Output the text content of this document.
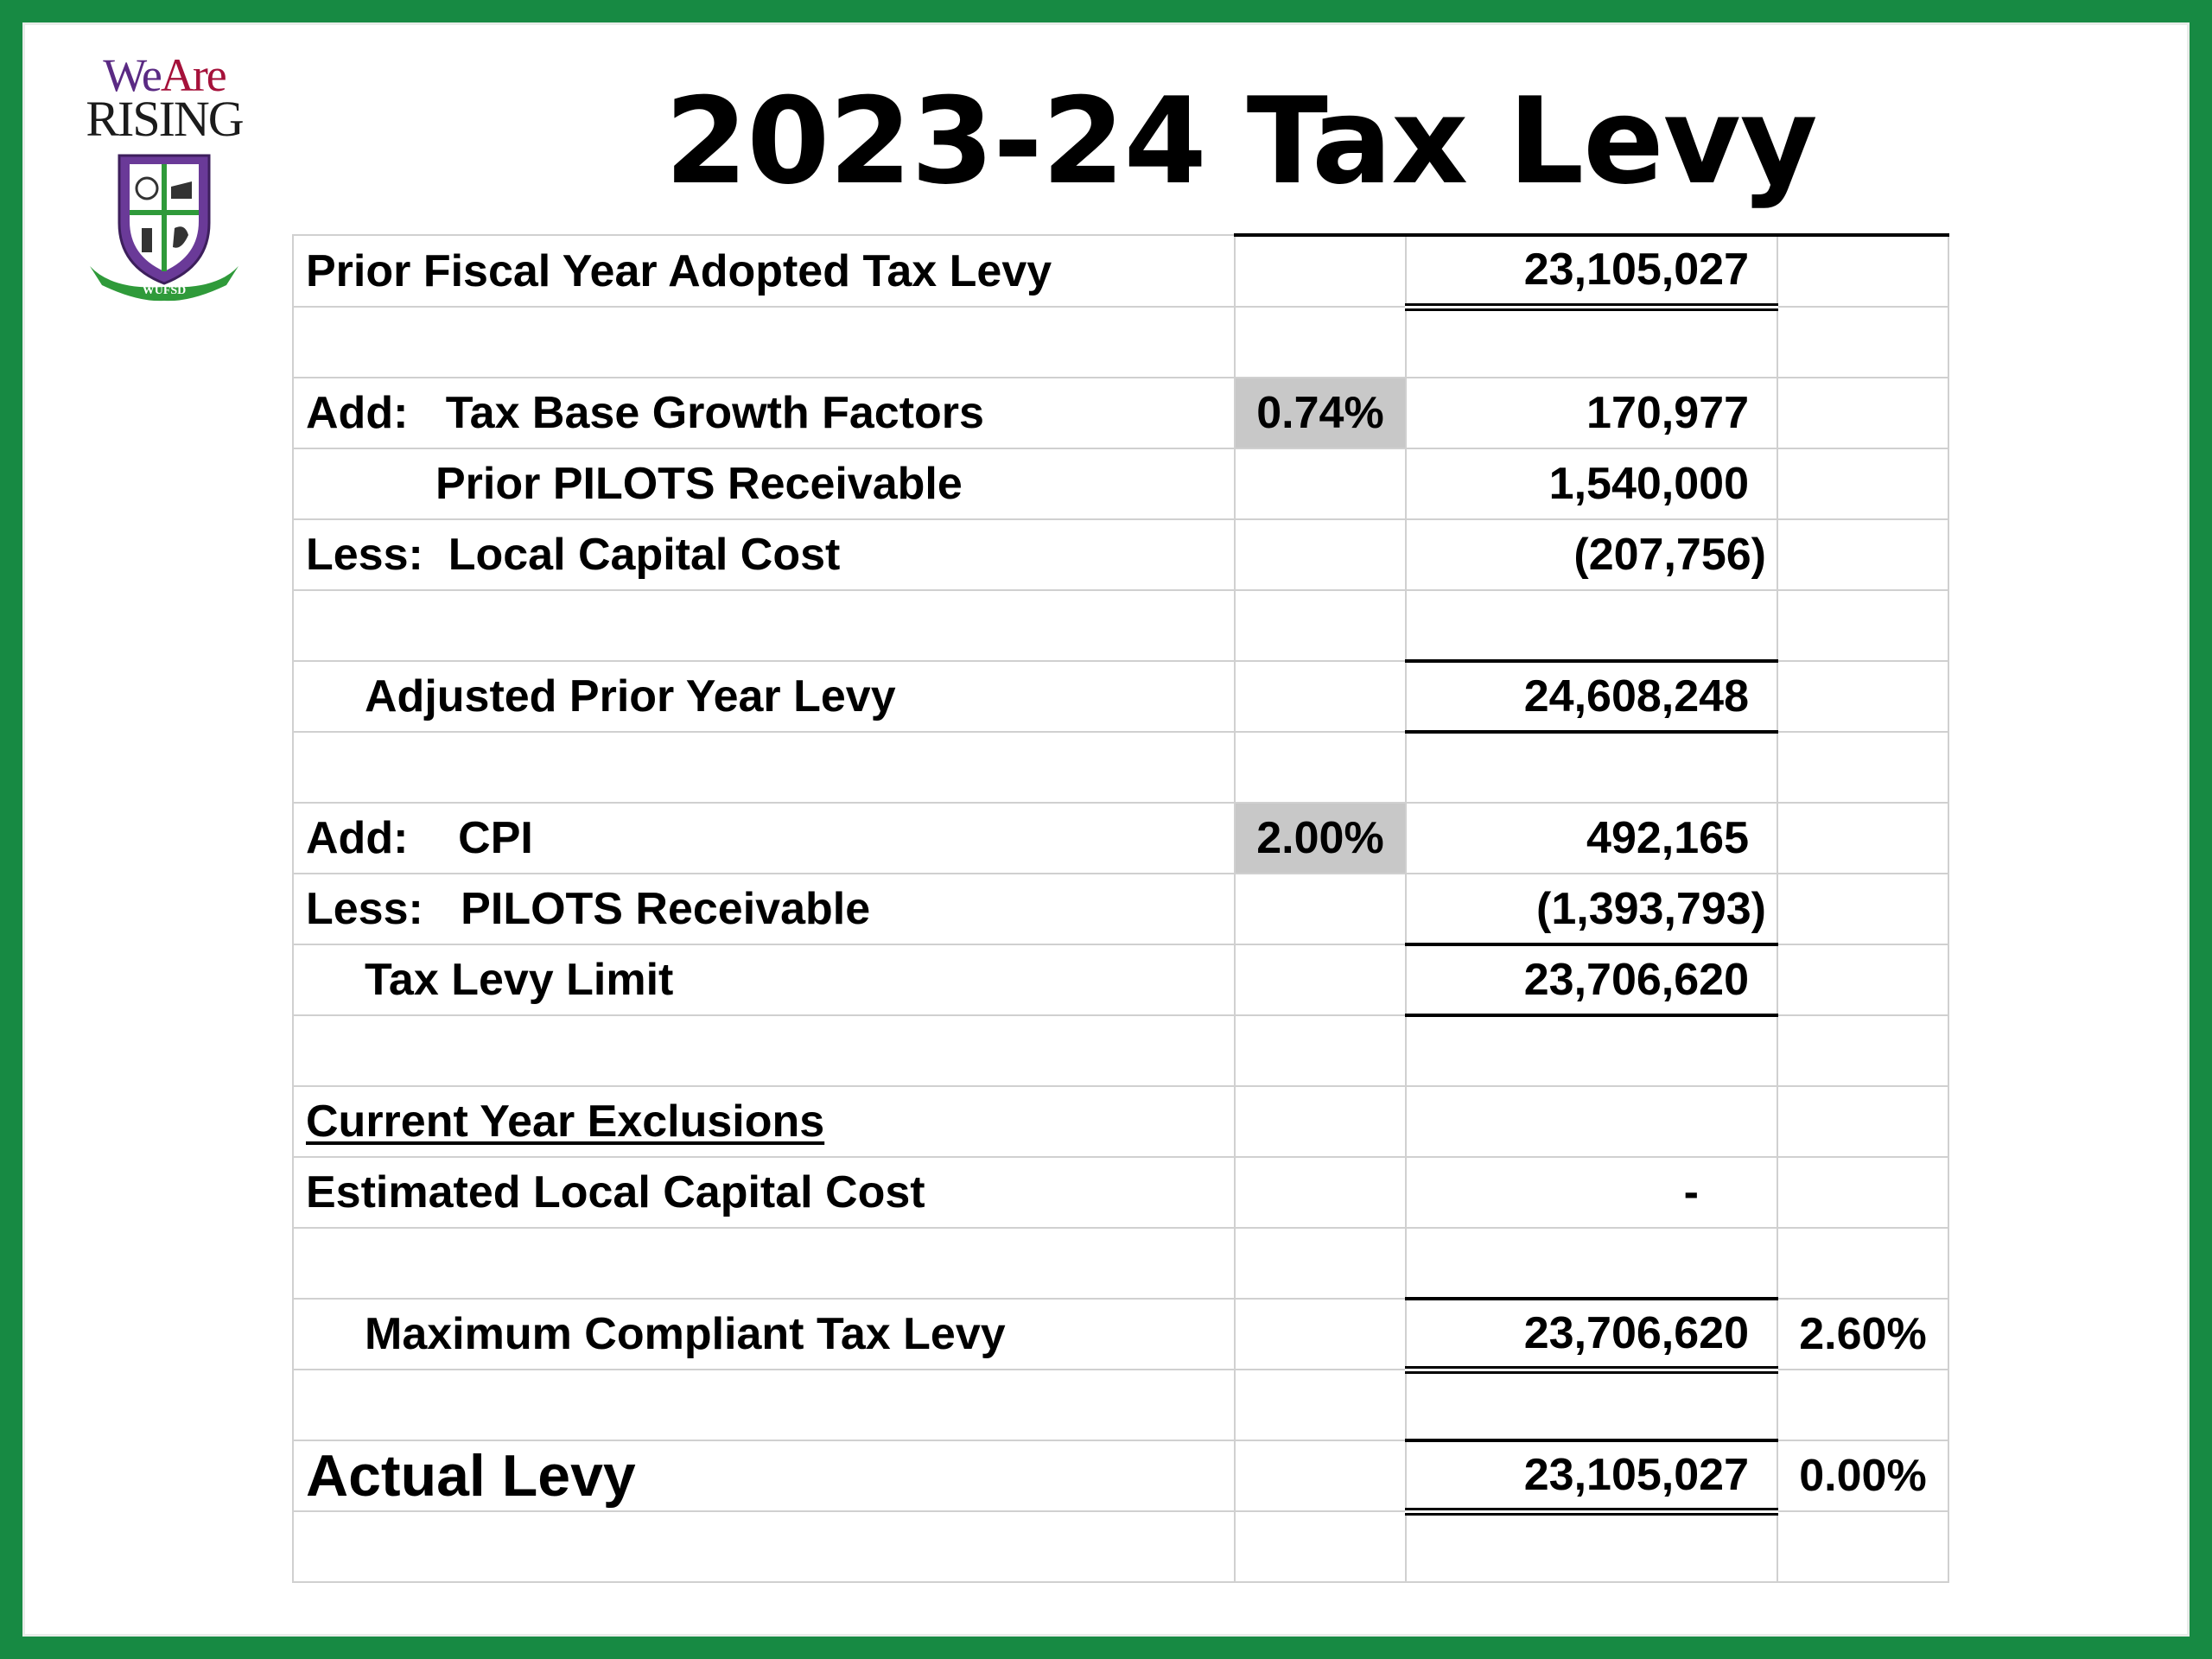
WeAre
RISING
WUFSD
2023-24 Tax Levy
Prior Fiscal Year Adopted Tax Levy		23,105,027	

Add:   Tax Base Growth Factors	0.74%	170,977	
Prior PILOTS Receivable		1,540,000	
Less:  Local Capital Cost		(207,756)	

Adjusted Prior Year Levy		24,608,248	

Add:    CPI	2.00%	492,165	
Less:   PILOTS Receivable		(1,393,793)	
Tax Levy Limit		23,706,620	

Current Year Exclusions			
Estimated Local Capital Cost		-	

Maximum Compliant Tax Levy		23,706,620	2.60%

Actual Levy		23,105,027	0.00%
